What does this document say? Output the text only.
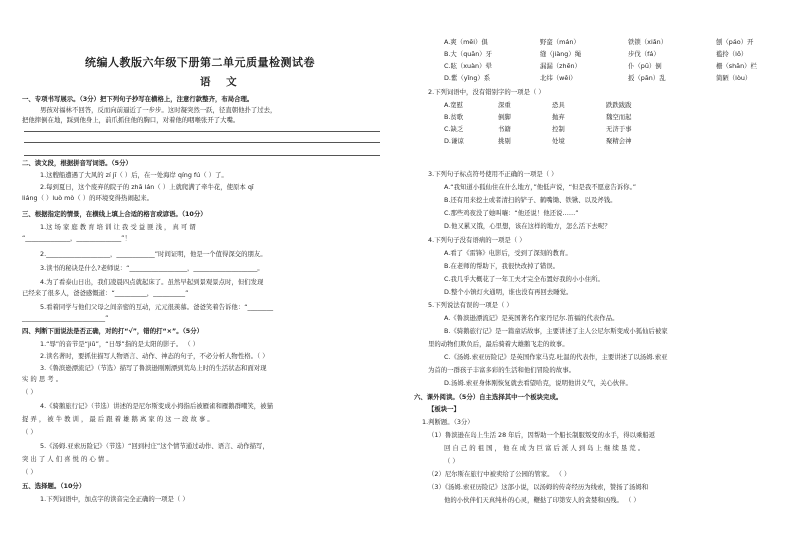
统编人教版六年级下册第二单元质量检测试卷
语 文
一、专项书写展示。（3分）把下列句子抄写在横格上，注意行款整齐，布局合理。
男孩对福林不回答，反而向前逼近了一步步。这时凝突然一跃，径直朝他扑了过去，
把他摔倒在地，踩到他身上，前爪抓住他的胸口，对着他的咽喉张开了大嘴。
二、读文段，根据拼音写词语。（5分）
1.这艘船遭遇了大风的 zí jī（ ）后，在一处海岸 qíng fú（ ）了。
2.每到夏日，这个废弃的院子的 zhā lán（ ）上就爬满了牵牛花，使原本 qī
liáng（ ）luò mò（ ）的环境变得热闹起来。
三、根据指定的情景，在横线上填上合适的格言或谚语。（10分）
1.这 场 家 庭 教 育 培 训 让 我 受 益 匪 浅 ， 真 可 谓
“______________，______________”！
2.____________________，____________”时间证明，他是一个值得深交的朋友。
3.读书的秘诀是什么?老师说：“__________________，____________________。
4.为了看泰山日出，我们凌晨四点就起床了。虽然早起到景观景点时，但们发现
已经来了很多人，爸爸感慨道：“__________，__________”
5.看着同学与他们父母之间亲密的互动，元元很羡慕。爸爸笑着告诉他：“________
__________________________”
四、判断下面说法是否正确，对的打“√”，错的打“×”。（5分）
1.“辱”的音节是“jiǔ”，“日辱”指的是太阳的影子。 （ ）
2.读名著时，要抓住描写人物语言、动作、神态的句子，不必分析人物性格。（ ）
3.《鲁滨逊漂流记》（节选）描写了鲁滨逊刚刚漂到荒岛上时的生活状态和面对现
实 的 思 考 。
（ ）
4.《骑鹅旅行记》（节选）讲述的是尼尔斯变成小拇指后被雁雀和雁鹅群嘲笑，被猫
捉 弄 ， 被 牛 教 训 ， 最 后 跟 着 雄 鹅 离 家 的 这 一 段 故 事 。
（ ）
5.《汤姆.亚索历险记》（节选）“回到村庄”这个情节通过动作、语言、动作描写，
突 出 了 人 们 喜 悦 的 心 情 。
（ ）
五、选择题。（10分）
1.下列词语中，加点字的读音完全正确的一项是（ ）
A.爽（mēi）俱	野蛮（mán）	铁锁（xiǎn）	刨（páo）开
B.大（quān）牙	缝（jiàng）绳	步伐（fá）	褴拎（lǒ）
C.眩（xuàn）晕	漏漏（zhēn）	仆（pū）倒	栅（shān）栏
D.紫（yǐng）系	北纬（wěi）	扳（pān）乱	简陋（lòu）
2.下列词语中，没有错别字的一项是（ ）
A.宽慰	深重	恐具	跌跌跋跋
B.贫歌	倒脚	抛弃	魏空而起
C.缺乏	书籍	控制	无济于事
D.谦谅	挑剔	处境	聚精会神
3.下列句子标点符号使用不正确的一项是（ ）
A.“我知道小狐仙住在什么地方，”他低声说，“但是我不愿意告诉你。”
B.还有用来挖土或者清扫的铲子、鹤嘴锄、铁锹、以及斧钱。
C.那些鸡夜没了她叫嚷：“他还说！他还说……”
D.他又累又饿，心里想，该在这样的地方，怎么活下去呢？
4.下列句子没有语病的一项是（ ）
A.看了《雷锋》电影后，受到了深刻的教育。
B.在老师的帮助下，我很快改掉了错误。
C.我几乎大概花了一年工夫才完全布置好我的小小住所。
D.整个小镇灯火通明，谁也没有再回去睡觉。
5.下列说法有误的一项是（ ）
A.《鲁滨逊漂流记》是英国著名作家丹尼尔.笛福的代表作品。
B.《骑鹅旅行记》是一篇童话故事，主要讲述了主人公尼尔斯变成小狐仙后被家
里的动物们欺负后，最后骑着大雄鹅飞走的故事。
C.《汤姆.索亚历险记》是英国作家马克.吐温的代表作，主要讲述了以汤姆.索亚
为首的一群孩子丰富多彩的生活和他们冒险的故事。
D.汤姆.索亚身体刚恢复就去看望哈克，说明他讲义气，关心伙伴。
六、课外阅读。（5分）自主选择其中一个板块完成。
【板块一】
1.判断题。（3分）
（1）鲁滨逊在岛上生活 28 年后，因帮助一个船长制服叛变的水手，得以乘船返
回 自 己 的 祖 国 ， 他 在 成 为 巨 富 后 派 人 到 岛 上 继 续 垦 荒 。
（ ）
（2）尼尔斯在旅行中被卖给了公园的管家。 （ ）
（3）《汤姆.索亚历险记》这部小说，以汤姆的传奇经历为线索，赞扬了汤姆和
他的小伙伴们天真纯朴的心灵，鞭挞了印第安人的贪婪和凶残。 （ ）
